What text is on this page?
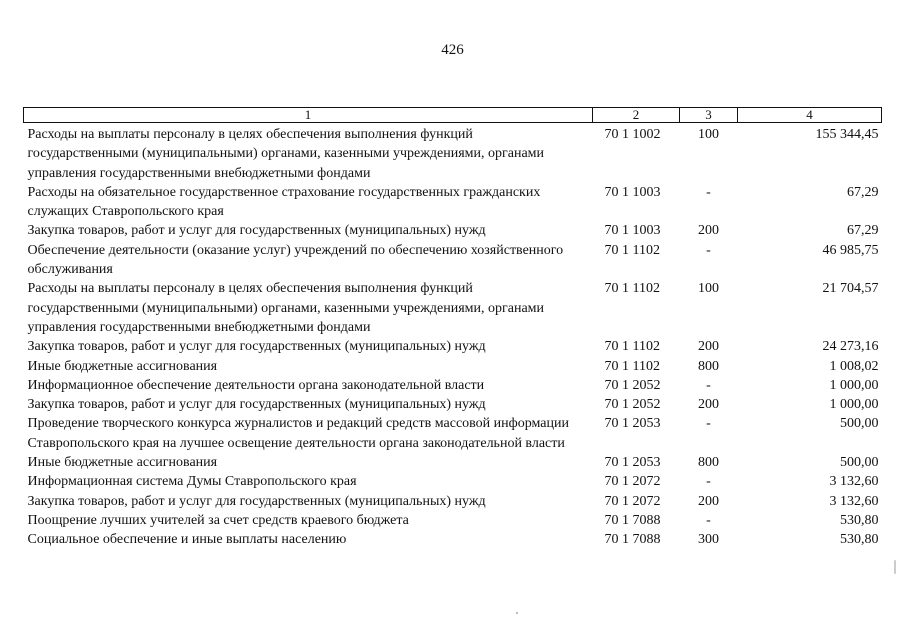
426
1	2	3	4
Расходы на выплаты персоналу в целях обеспечения выполнения функций государственными (муниципальными) органами, казенными учреждениями, органами управления государственными внебюджетными фондами	70 1 1002	100	155 344,45
Расходы на обязательное государственное страхование государственных гражданских служащих Ставропольского края	70 1 1003	-	67,29
Закупка товаров, работ и услуг для государственных (муниципальных) нужд	70 1 1003	200	67,29
Обеспечение деятельности (оказание услуг) учреждений по обеспечению хозяйственного обслуживания	70 1 1102	-	46 985,75
Расходы на выплаты персоналу в целях обеспечения выполнения функций государственными (муниципальными) органами, казенными учреждениями, органами управления государственными внебюджетными фондами	70 1 1102	100	21 704,57
Закупка товаров, работ и услуг для государственных (муниципальных) нужд	70 1 1102	200	24 273,16
Иные бюджетные ассигнования	70 1 1102	800	1 008,02
Информационное обеспечение деятельности органа законодательной власти	70 1 2052	-	1 000,00
Закупка товаров, работ и услуг для государственных (муниципальных) нужд	70 1 2052	200	1 000,00
Проведение творческого конкурса журналистов и редакций средств массовой информации Ставропольского края на лучшее освещение деятельности органа законодательной власти	70 1 2053	-	500,00
Иные бюджетные ассигнования	70 1 2053	800	500,00
Информационная система Думы Ставропольского края	70 1 2072	-	3 132,60
Закупка товаров, работ и услуг для государственных (муниципальных) нужд	70 1 2072	200	3 132,60
Поощрение лучших учителей за счет средств краевого бюджета	70 1 7088	-	530,80
Социальное обеспечение и иные выплаты населению	70 1 7088	300	530,80
